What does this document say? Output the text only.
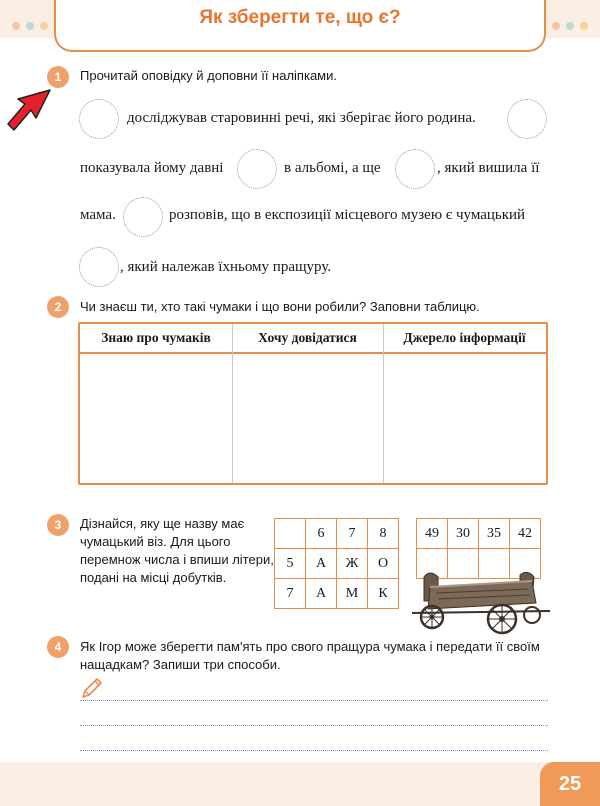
Як зберегти те, що є?
1	Прочитай оповідку й доповни її наліпками.
досліджував старовинні речі, які зберігає його родина.
показувала йому давні	в альбомі, а ще	, який вишила її
мама.	розповів, що в експозиції місцевого музею є чумацький
, який належав їхньому пращуру.
2	Чи знаєш ти, хто такі чумаки і що вони робили? Заповни таблицю.
Знаю про чумаків	Хочу довідатися	Джерело інформації
3	Дізнайся, яку ще назву має
чумацький віз. Для цього
перемнож числа і впиши літери,
подані на місці добутків.
	6	7	8
5	А	Ж	О
7	А	М	К
49	30	35	42

4	Як Ігор може зберегти пам'ять про свого пращура чумака і передати її своїм
нащадкам? Запиши три способи.
25
